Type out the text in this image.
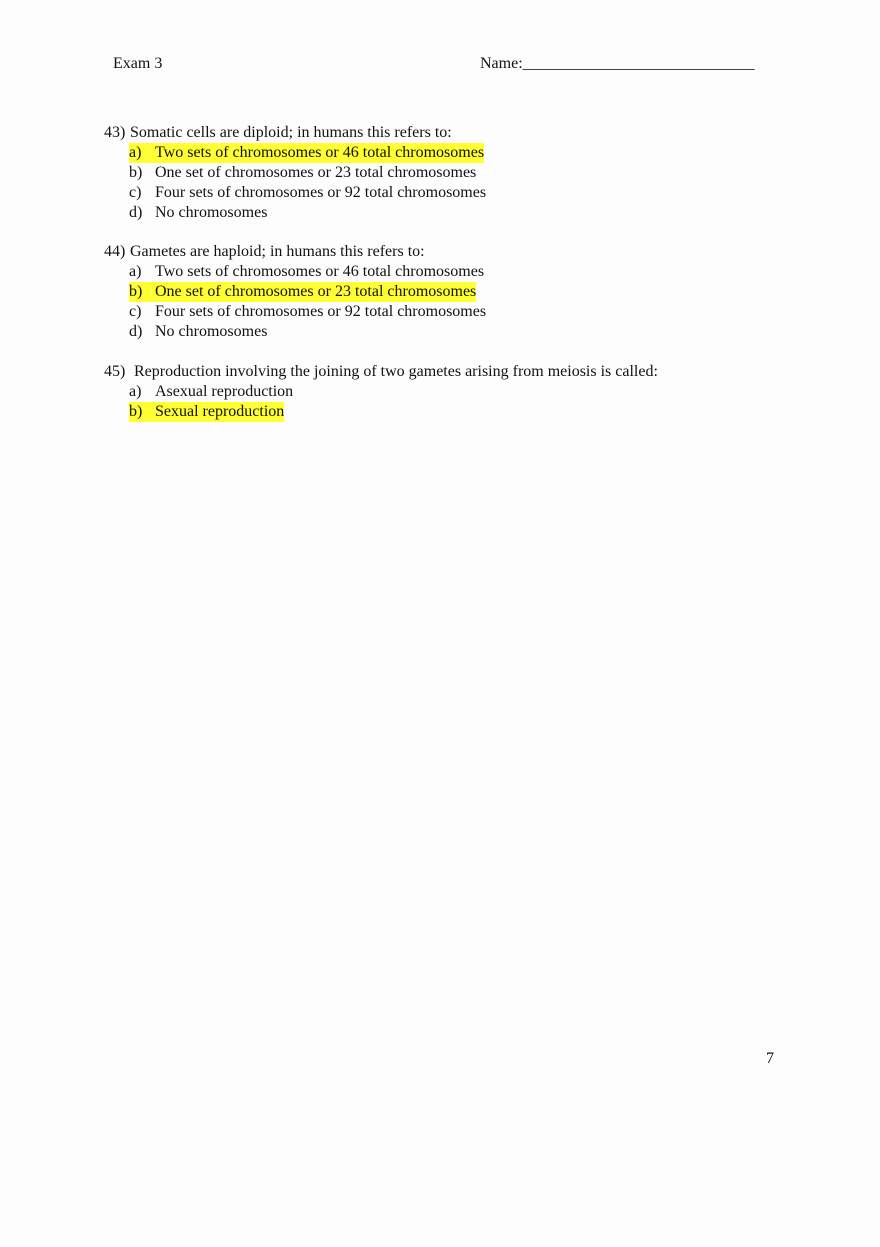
Exam 3	Name:_____________________________
43) Somatic cells are diploid; in humans this refers to:
a) Two sets of chromosomes or 46 total chromosomes
b) One set of chromosomes or 23 total chromosomes
c) Four sets of chromosomes or 92 total chromosomes
d) No chromosomes
44) Gametes are haploid; in humans this refers to:
a) Two sets of chromosomes or 46 total chromosomes
b) One set of chromosomes or 23 total chromosomes
c) Four sets of chromosomes or 92 total chromosomes
d) No chromosomes
45) Reproduction involving the joining of two gametes arising from meiosis is called:
a) Asexual reproduction
b) Sexual reproduction
7
